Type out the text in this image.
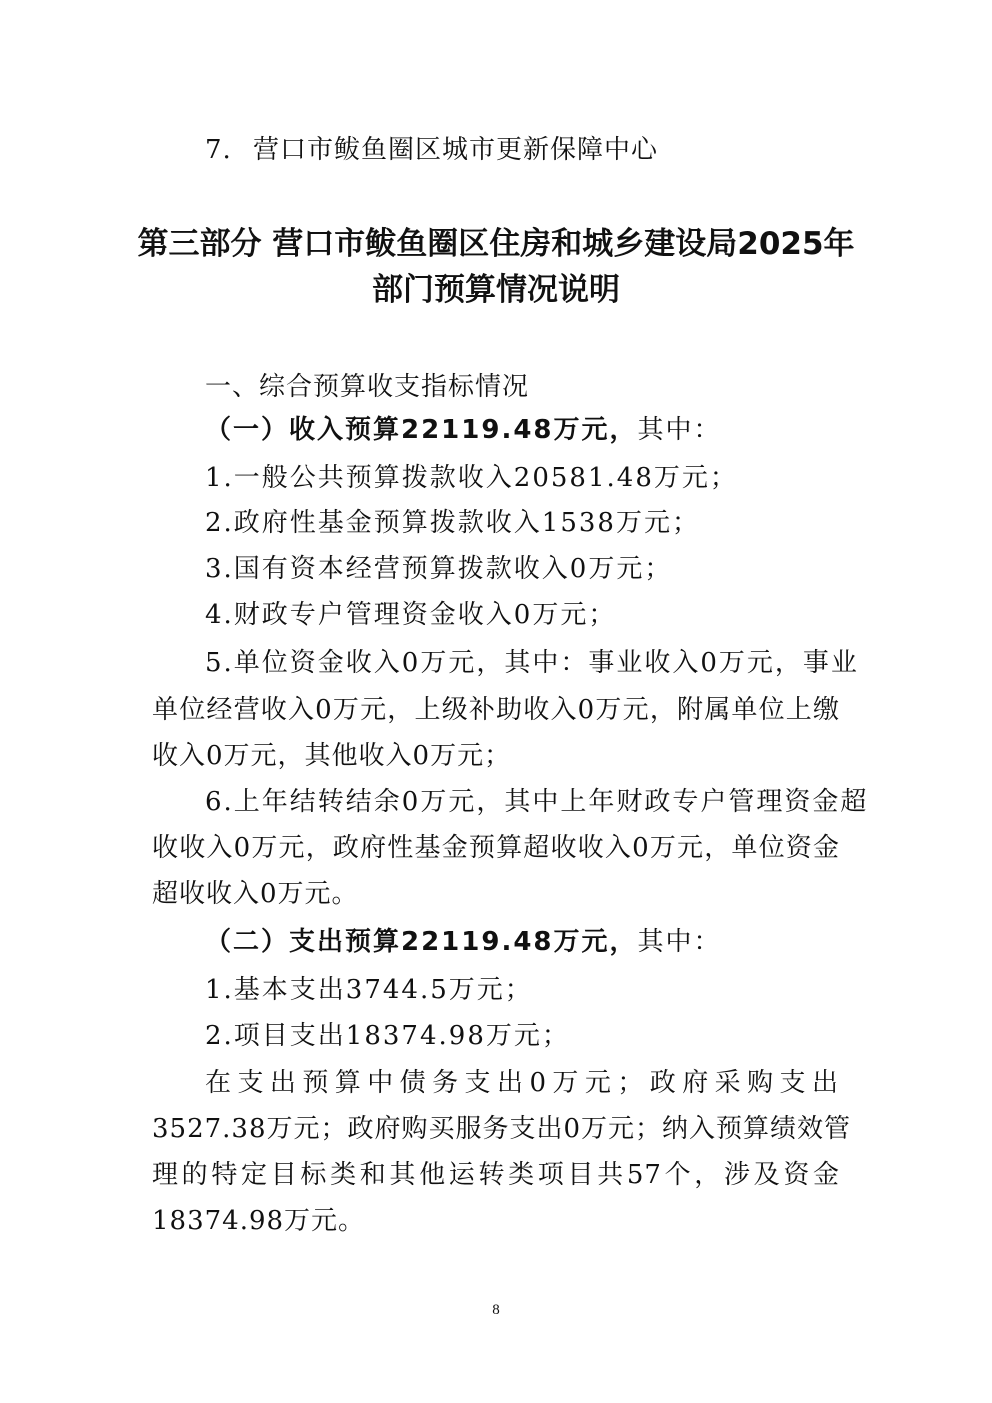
7. 营口市鲅鱼圈区城市更新保障中心
第三部分 营口市鲅鱼圈区住房和城乡建设局2025年
部门预算情况说明
一、综合预算收支指标情况
（一）收入预算22119.48万元，其中：
1.一般公共预算拨款收入20581.48万元；
2.政府性基金预算拨款收入1538万元；
3.国有资本经营预算拨款收入0万元；
4.财政专户管理资金收入0万元；
5.单位资金收入0万元，其中：事业收入0万元，事业
单位经营收入0万元，上级补助收入0万元，附属单位上缴
收入0万元，其他收入0万元；
6.上年结转结余0万元，其中上年财政专户管理资金超
收收入0万元，政府性基金预算超收收入0万元，单位资金
超收收入0万元。
（二）支出预算22119.48万元，其中：
1.基本支出3744.5万元；
2.项目支出18374.98万元；
在支出预算中债务支出0万元；政府采购支出
3527.38万元；政府购买服务支出0万元；纳入预算绩效管
理的特定目标类和其他运转类项目共57个，涉及资金
18374.98万元。
8
